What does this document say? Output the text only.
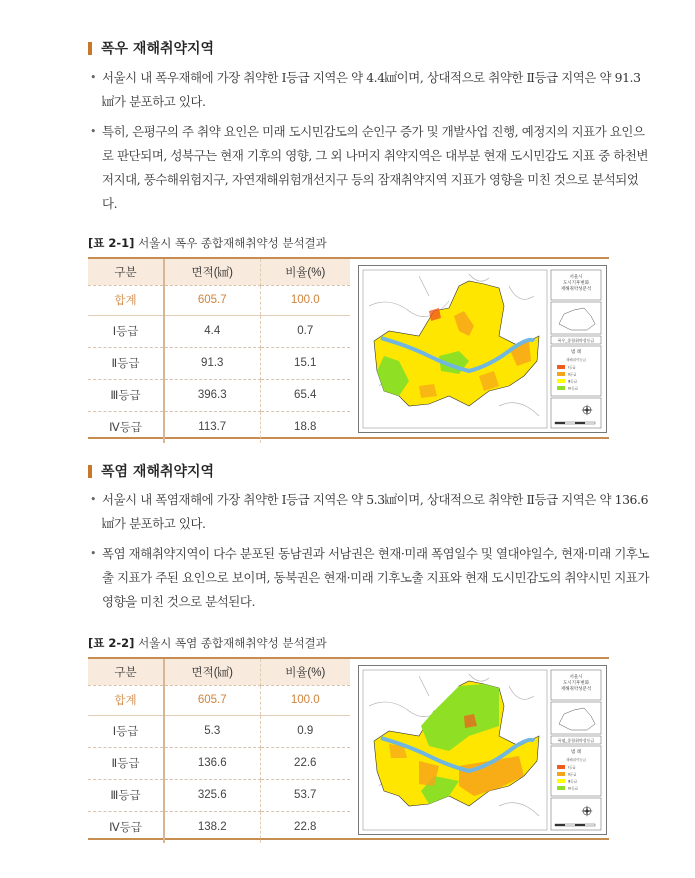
폭우 재해취약지역
• 서울시 내 폭우재해에 가장 취약한 Ⅰ등급 지역은 약 4.4㎢이며, 상대적으로 취약한 Ⅱ등급 지역은 약 91.3㎢가 분포하고 있다.
• 특히, 은평구의 주 취약 요인은 미래 도시민감도의 순인구 증가 및 개발사업 진행, 예정지의 지표가 요인으로 판단되며, 성북구는 현재 기후의 영향, 그 외 나머지 취약지역은 대부분 현재 도시민감도 지표 중 하천변저지대, 풍수해위험지구, 자연재해위험개선지구 등의 잠재취약지역 지표가 영향을 미친 것으로 분석되었다.
[표 2-1] 서울시 폭우 종합재해취약성 분석결과
구분	면적(㎢)	비율(%)
합계	605.7	100.0
Ⅰ등급	4.4	0.7
Ⅱ등급	91.3	15.1
Ⅲ등급	396.3	65.4
Ⅳ등급	113.7	18.8
서울시
도시기후변화
재해취약성분석
폭우_종합취약성등급
범 례
재해취약등급
Ⅰ등급
Ⅱ등급
Ⅲ등급
Ⅳ등급
폭염 재해취약지역
• 서울시 내 폭염재해에 가장 취약한 Ⅰ등급 지역은 약 5.3㎢이며, 상대적으로 취약한 Ⅱ등급 지역은 약 136.6㎢가 분포하고 있다.
• 폭염 재해취약지역이 다수 분포된 동남권과 서남권은 현재·미래 폭염일수 및 열대야일수, 현재·미래 기후노출 지표가 주된 요인으로 보이며, 동북권은 현재·미래 기후노출 지표와 현재 도시민감도의 취약시민 지표가 영향을 미친 것으로 분석된다.
[표 2-2] 서울시 폭염 종합재해취약성 분석결과
구분	면적(㎢)	비율(%)
합계	605.7	100.0
Ⅰ등급	5.3	0.9
Ⅱ등급	136.6	22.6
Ⅲ등급	325.6	53.7
Ⅳ등급	138.2	22.8
서울시
도시기후변화
재해취약성분석
폭염_종합취약성등급
범 례
재해취약등급
Ⅰ등급
Ⅱ등급
Ⅲ등급
Ⅳ등급
